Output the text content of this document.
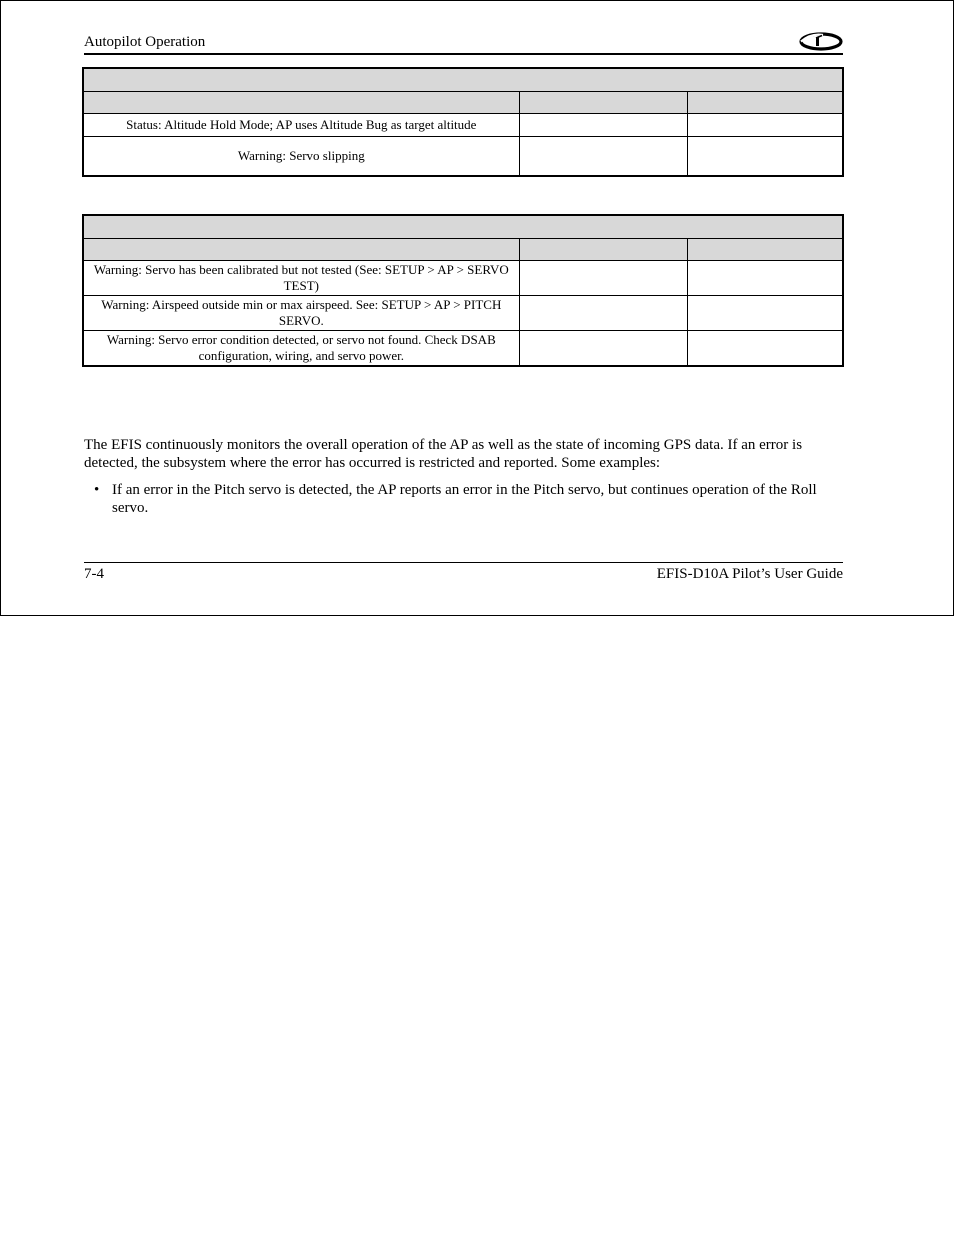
Autopilot Operation

Status: Altitude Hold Mode; AP uses Altitude Bug as target altitude		
Warning: Servo slipping		

Warning: Servo has been calibrated but not tested (See: SETUP > AP > SERVO TEST)		
Warning: Airspeed outside min or max airspeed. See: SETUP > AP > PITCH SERVO.		
Warning: Servo error condition detected, or servo not found. Check DSAB configuration, wiring, and servo power.		

The EFIS continuously monitors the overall operation of the AP as well as the state of incoming GPS data. If an error is detected, the subsystem where the error has occurred is restricted and reported. Some examples:

• If an error in the Pitch servo is detected, the AP reports an error in the Pitch servo, but continues operation of the Roll servo.
7-4	EFIS-D10A Pilot’s User Guide
